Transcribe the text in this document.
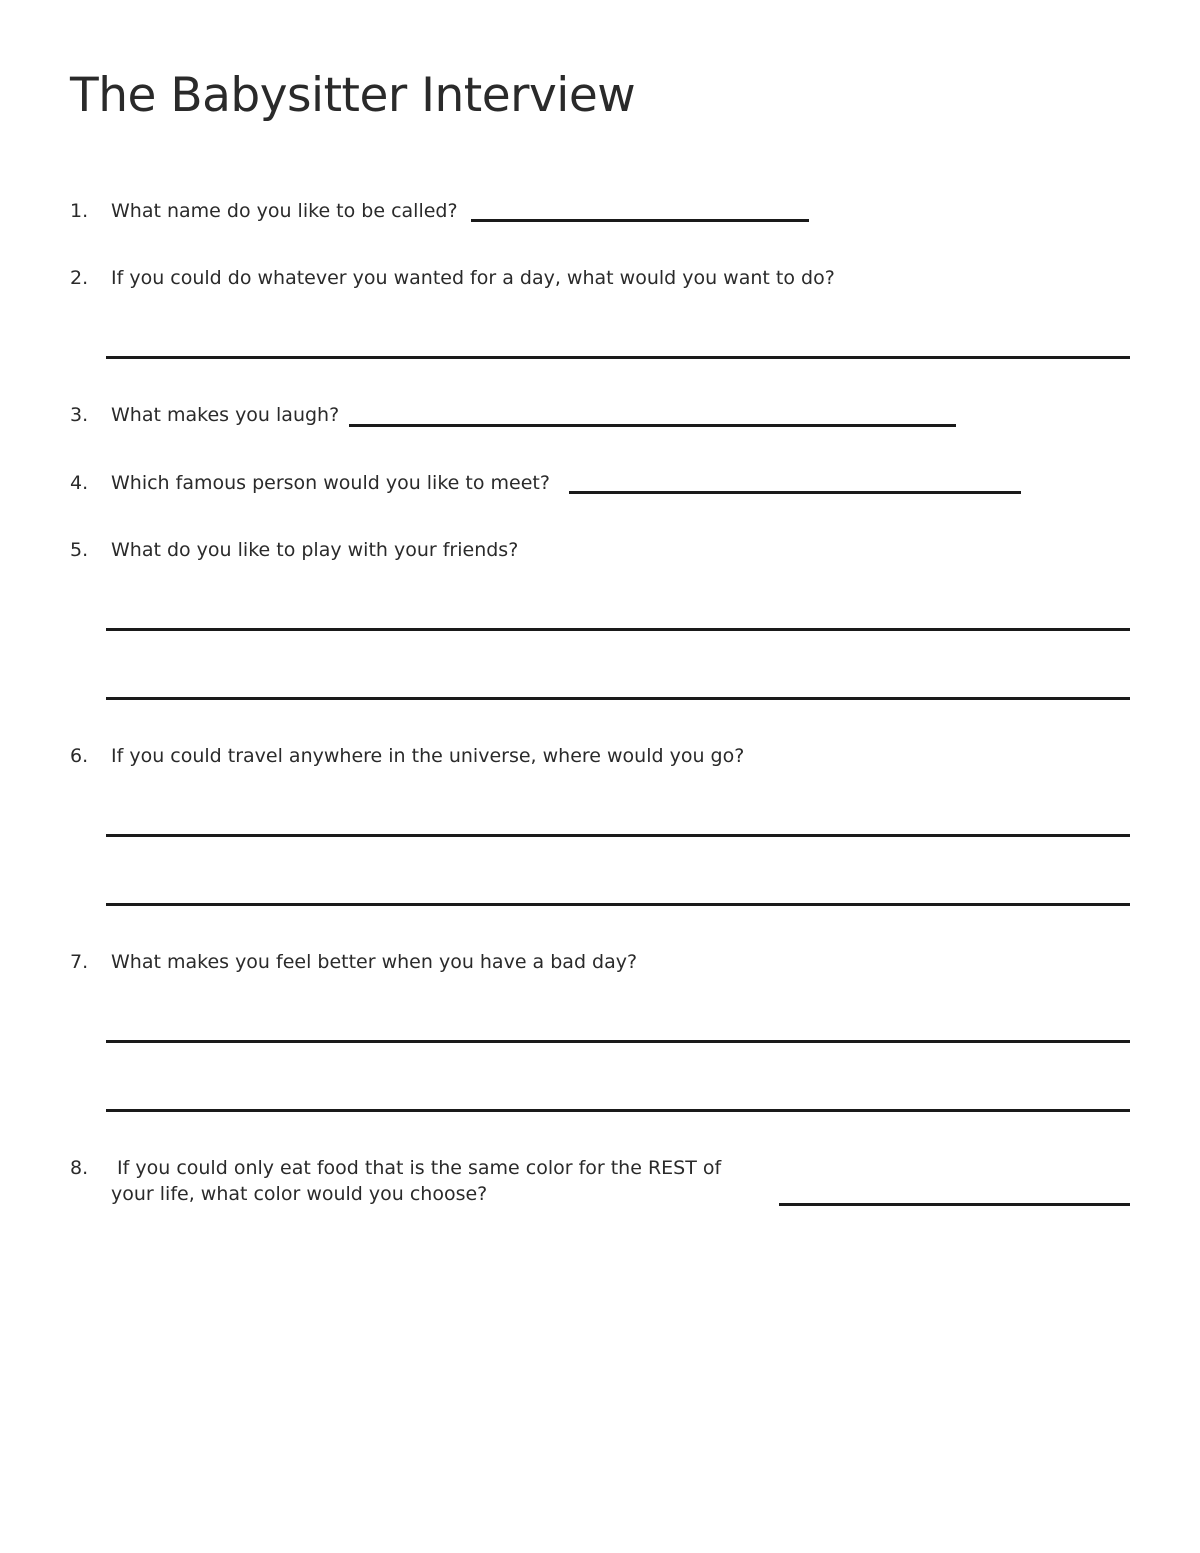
The Babysitter Interview
1. What name do you like to be called?
2. If you could do whatever you wanted for a day, what would you want to do?
3. What makes you laugh?
4. Which famous person would you like to meet?
5. What do you like to play with your friends?
6. If you could travel anywhere in the universe, where would you go?
7. What makes you feel better when you have a bad day?
8. If you could only eat food that is the same color for the REST of
your life, what color would you choose?
